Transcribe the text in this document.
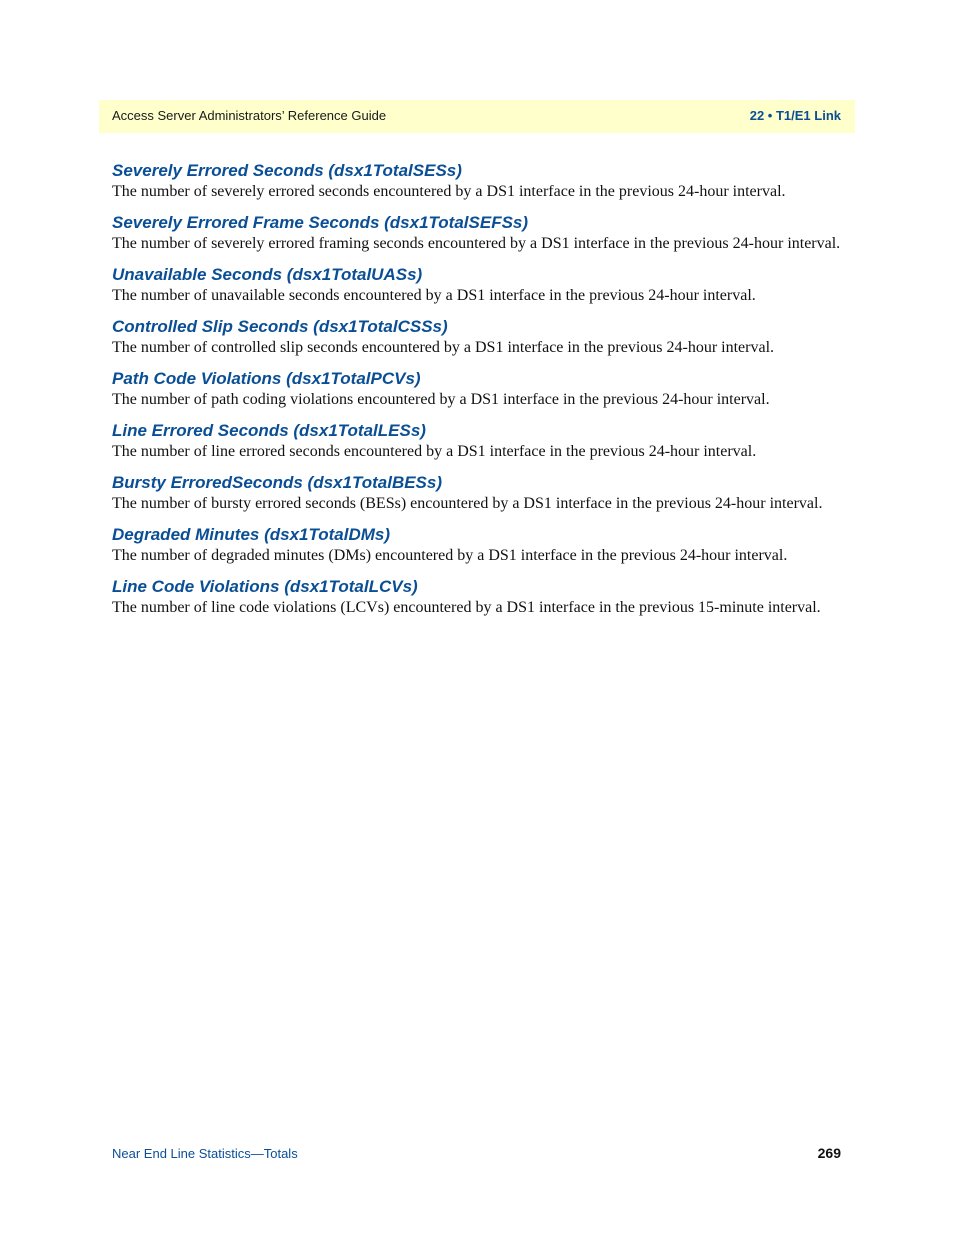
Access Server Administrators’ Reference Guide	22 • T1/E1 Link

Severely Errored Seconds (dsx1TotalSESs)

The number of severely errored seconds encountered by a DS1 interface in the previous 24-hour interval.

Severely Errored Frame Seconds (dsx1TotalSEFSs)

The number of severely errored framing seconds encountered by a DS1 interface in the previous 24-hour interval.

Unavailable Seconds (dsx1TotalUASs)

The number of unavailable seconds encountered by a DS1 interface in the previous 24-hour interval.

Controlled Slip Seconds (dsx1TotalCSSs)

The number of controlled slip seconds encountered by a DS1 interface in the previous 24-hour interval.

Path Code Violations (dsx1TotalPCVs)

The number of path coding violations encountered by a DS1 interface in the previous 24-hour interval.

Line Errored Seconds (dsx1TotalLESs)

The number of line errored seconds encountered by a DS1 interface in the previous 24-hour interval.

Bursty ErroredSeconds (dsx1TotalBESs)

The number of bursty errored seconds (BESs) encountered by a DS1 interface in the previous 24-hour interval.

Degraded Minutes (dsx1TotalDMs)

The number of degraded minutes (DMs) encountered by a DS1 interface in the previous 24-hour interval.

Line Code Violations (dsx1TotalLCVs)

The number of line code violations (LCVs) encountered by a DS1 interface in the previous 15-minute interval.

Near End Line Statistics—Totals	269
